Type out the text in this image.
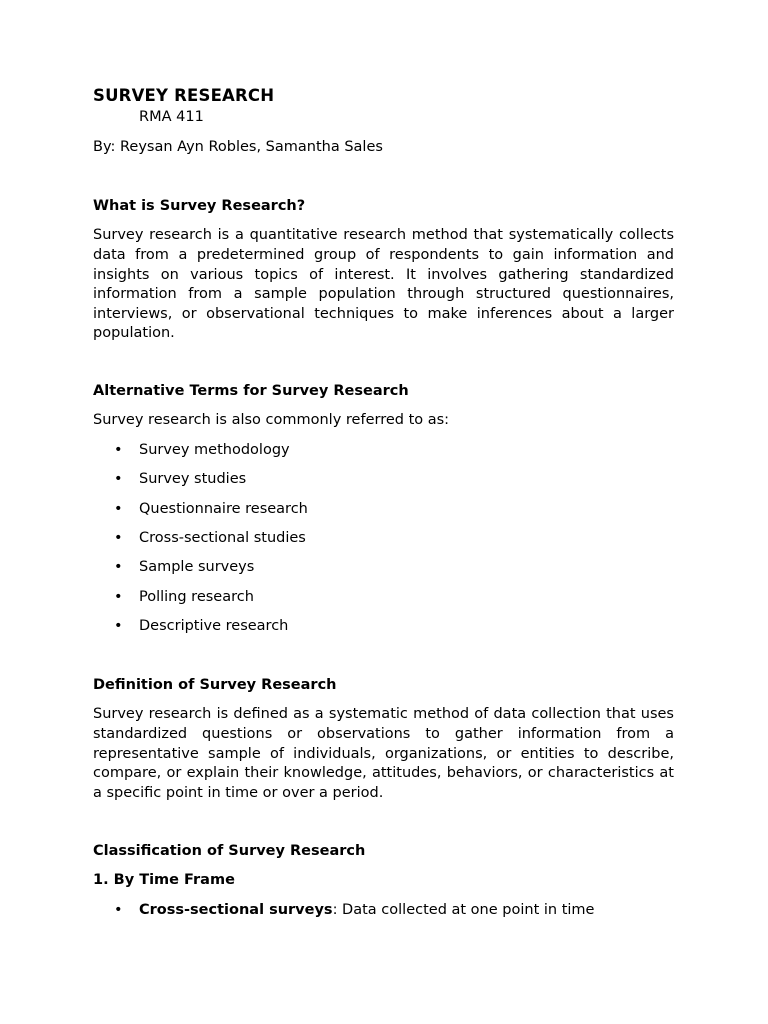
SURVEY RESEARCH
RMA 411
By: Reysan Ayn Robles, Samantha Sales

What is Survey Research?

Survey research is a quantitative research method that systematically collects data from a predetermined group of respondents to gain information and insights on various topics of interest. It involves gathering standardized information from a sample population through structured questionnaires, interviews, or observational techniques to make inferences about a larger population.

Alternative Terms for Survey Research

Survey research is also commonly referred to as:

• Survey methodology
• Survey studies
• Questionnaire research
• Cross-sectional studies
• Sample surveys
• Polling research
• Descriptive research

Definition of Survey Research

Survey research is defined as a systematic method of data collection that uses standardized questions or observations to gather information from a representative sample of individuals, organizations, or entities to describe, compare, or explain their knowledge, attitudes, behaviors, or characteristics at a specific point in time or over a period.

Classification of Survey Research

1. By Time Frame

• Cross-sectional surveys: Data collected at one point in time
